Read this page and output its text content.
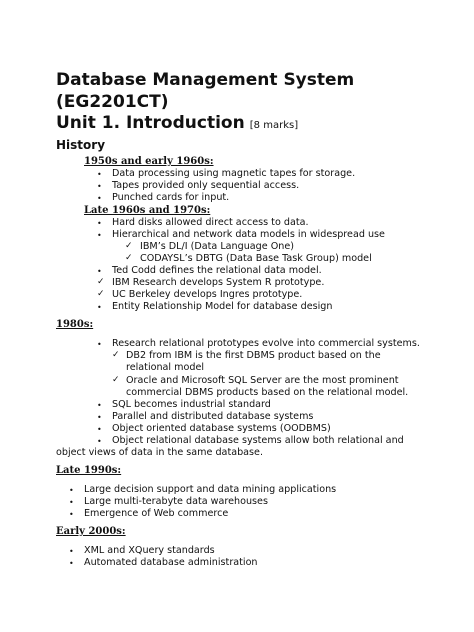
Database Management System
(EG2201CT)
Unit 1. Introduction [8 marks]
History
1950s and early 1960s:
• Data processing using magnetic tapes for storage.
• Tapes provided only sequential access.
• Punched cards for input.
Late 1960s and 1970s:
• Hard disks allowed direct access to data.
• Hierarchical and network data models in widespread use
✓ IBM’s DL/I (Data Language One)
✓ CODAYSL’s DBTG (Data Base Task Group) model
• Ted Codd defines the relational data model.
✓ IBM Research develops System R prototype.
✓ UC Berkeley develops Ingres prototype.
• Entity Relationship Model for database design
1980s:
• Research relational prototypes evolve into commercial systems.
✓ DB2 from IBM is the first DBMS product based on the
relational model
✓ Oracle and Microsoft SQL Server are the most prominent
commercial DBMS products based on the relational model.
• SQL becomes industrial standard
• Parallel and distributed database systems
• Object oriented database systems (OODBMS)
• Object relational database systems allow both relational and
object views of data in the same database.
Late 1990s:
• Large decision support and data mining applications
• Large multi-terabyte data warehouses
• Emergence of Web commerce
Early 2000s:
• XML and XQuery standards
• Automated database administration
